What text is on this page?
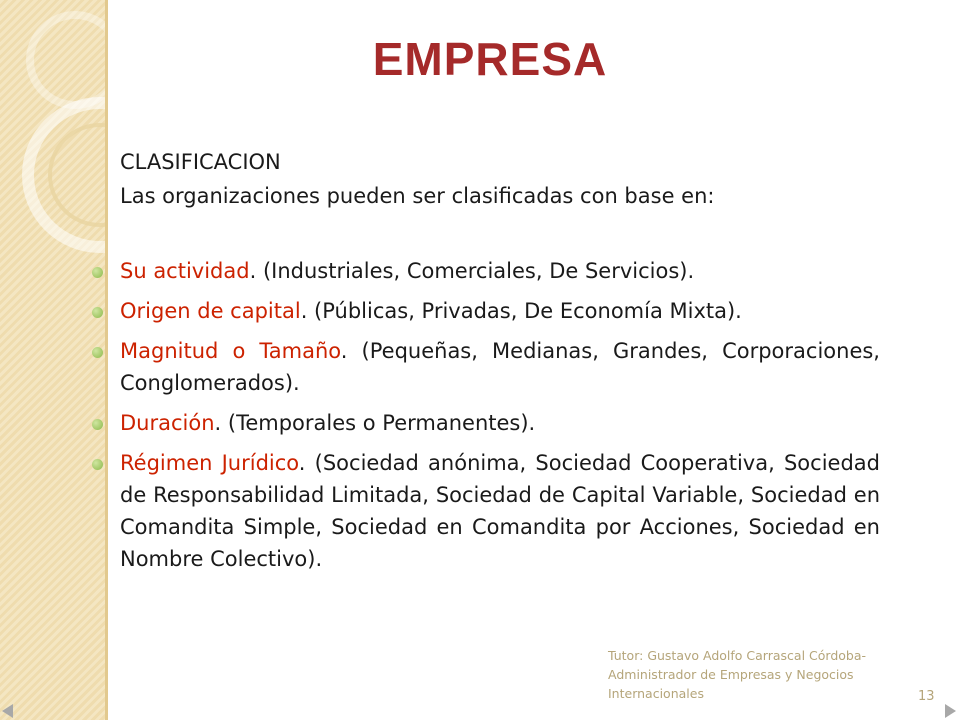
EMPRESA

CLASIFICACION

Las organizaciones pueden ser clasificadas con base en:

Su actividad. (Industriales, Comerciales, De Servicios).
Origen de capital. (Públicas, Privadas, De Economía Mixta).
Magnitud o Tamaño. (Pequeñas, Medianas, Grandes, Corporaciones, Conglomerados).
Duración. (Temporales o Permanentes).
Régimen Jurídico. (Sociedad anónima, Sociedad Cooperativa, Sociedad de Responsabilidad Limitada, Sociedad de Capital Variable, Sociedad en Comandita Simple, Sociedad en Comandita por Acciones, Sociedad en Nombre Colectivo).
Tutor: Gustavo Adolfo Carrascal Córdoba-
Administrador de Empresas y Negocios
Internacionales	13
